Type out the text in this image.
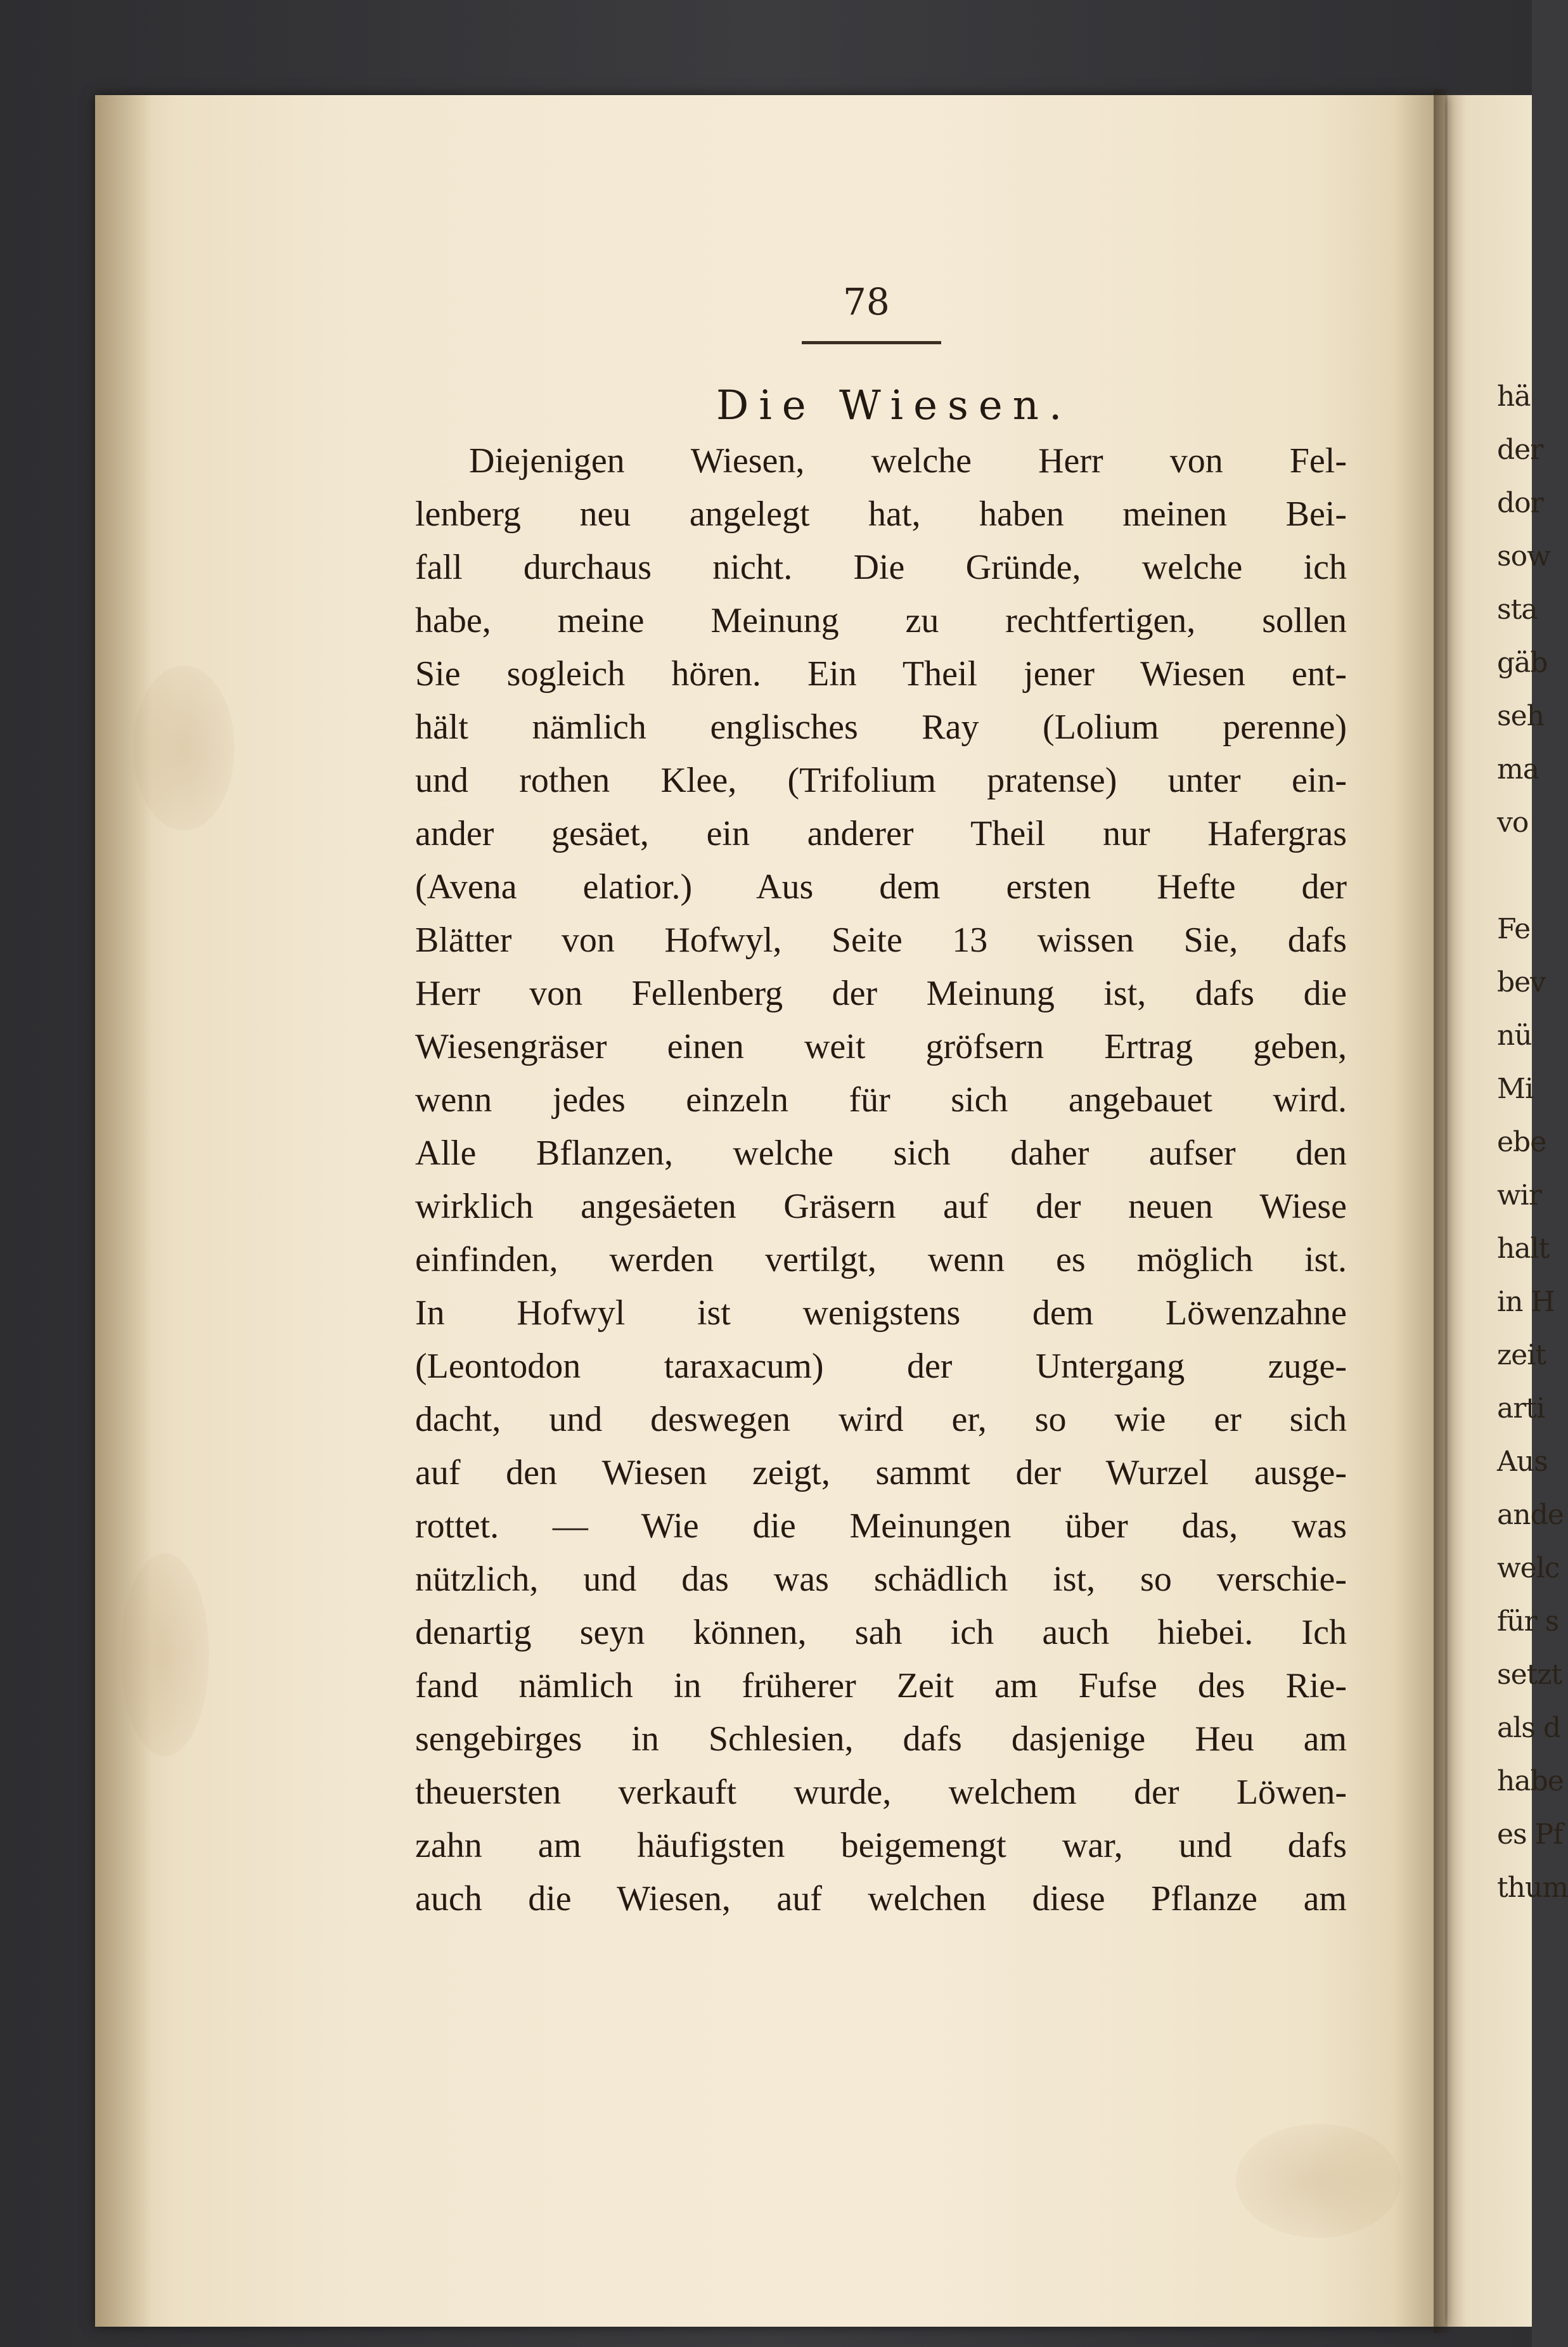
78
Die Wiesen.
Diejenigen Wiesen, welche Herr von Fel-
lenberg neu angelegt hat, haben meinen Bei-
fall durchaus nicht. Die Gründe, welche ich
habe, meine Meinung zu rechtfertigen, sollen
Sie sogleich hören. Ein Theil jener Wiesen ent-
hält nämlich englisches Ray (Lolium perenne)
und rothen Klee, (Trifolium pratense) unter ein-
ander gesäet, ein anderer Theil nur Hafergras
(Avena elatior.) Aus dem ersten Hefte der
Blätter von Hofwyl, Seite 13 wissen Sie, dafs
Herr von Fellenberg der Meinung ist, dafs die
Wiesengräser einen weit gröfsern Ertrag geben,
wenn jedes einzeln für sich angebauet wird.
Alle Bflanzen, welche sich daher aufser den
wirklich angesäeten Gräsern auf der neuen Wiese
einfinden, werden vertilgt, wenn es möglich ist.
In Hofwyl ist wenigstens dem Löwenzahne
(Leontodon taraxacum) der Untergang zuge-
dacht, und deswegen wird er, so wie er sich
auf den Wiesen zeigt, sammt der Wurzel ausge-
rottet. — Wie die Meinungen über das, was
nützlich, und das was schädlich ist, so verschie-
denartig seyn können, sah ich auch hiebei. Ich
fand nämlich in früherer Zeit am Fufse des Rie-
sengebirges in Schlesien, dafs dasjenige Heu am
theuersten verkauft wurde, welchem der Löwen-
zahn am häufigsten beigemengt war, und dafs
auch die Wiesen, auf welchen diese Pflanze am
hä
der
dor
sow
sta
gäb
seh
ma
vo
Fe
bev
nü
Mi
ebe
wir
halt
in H
zeit
arti
Aus
ande
welc
für s
setzt
als d
habe
es Pf
thum
